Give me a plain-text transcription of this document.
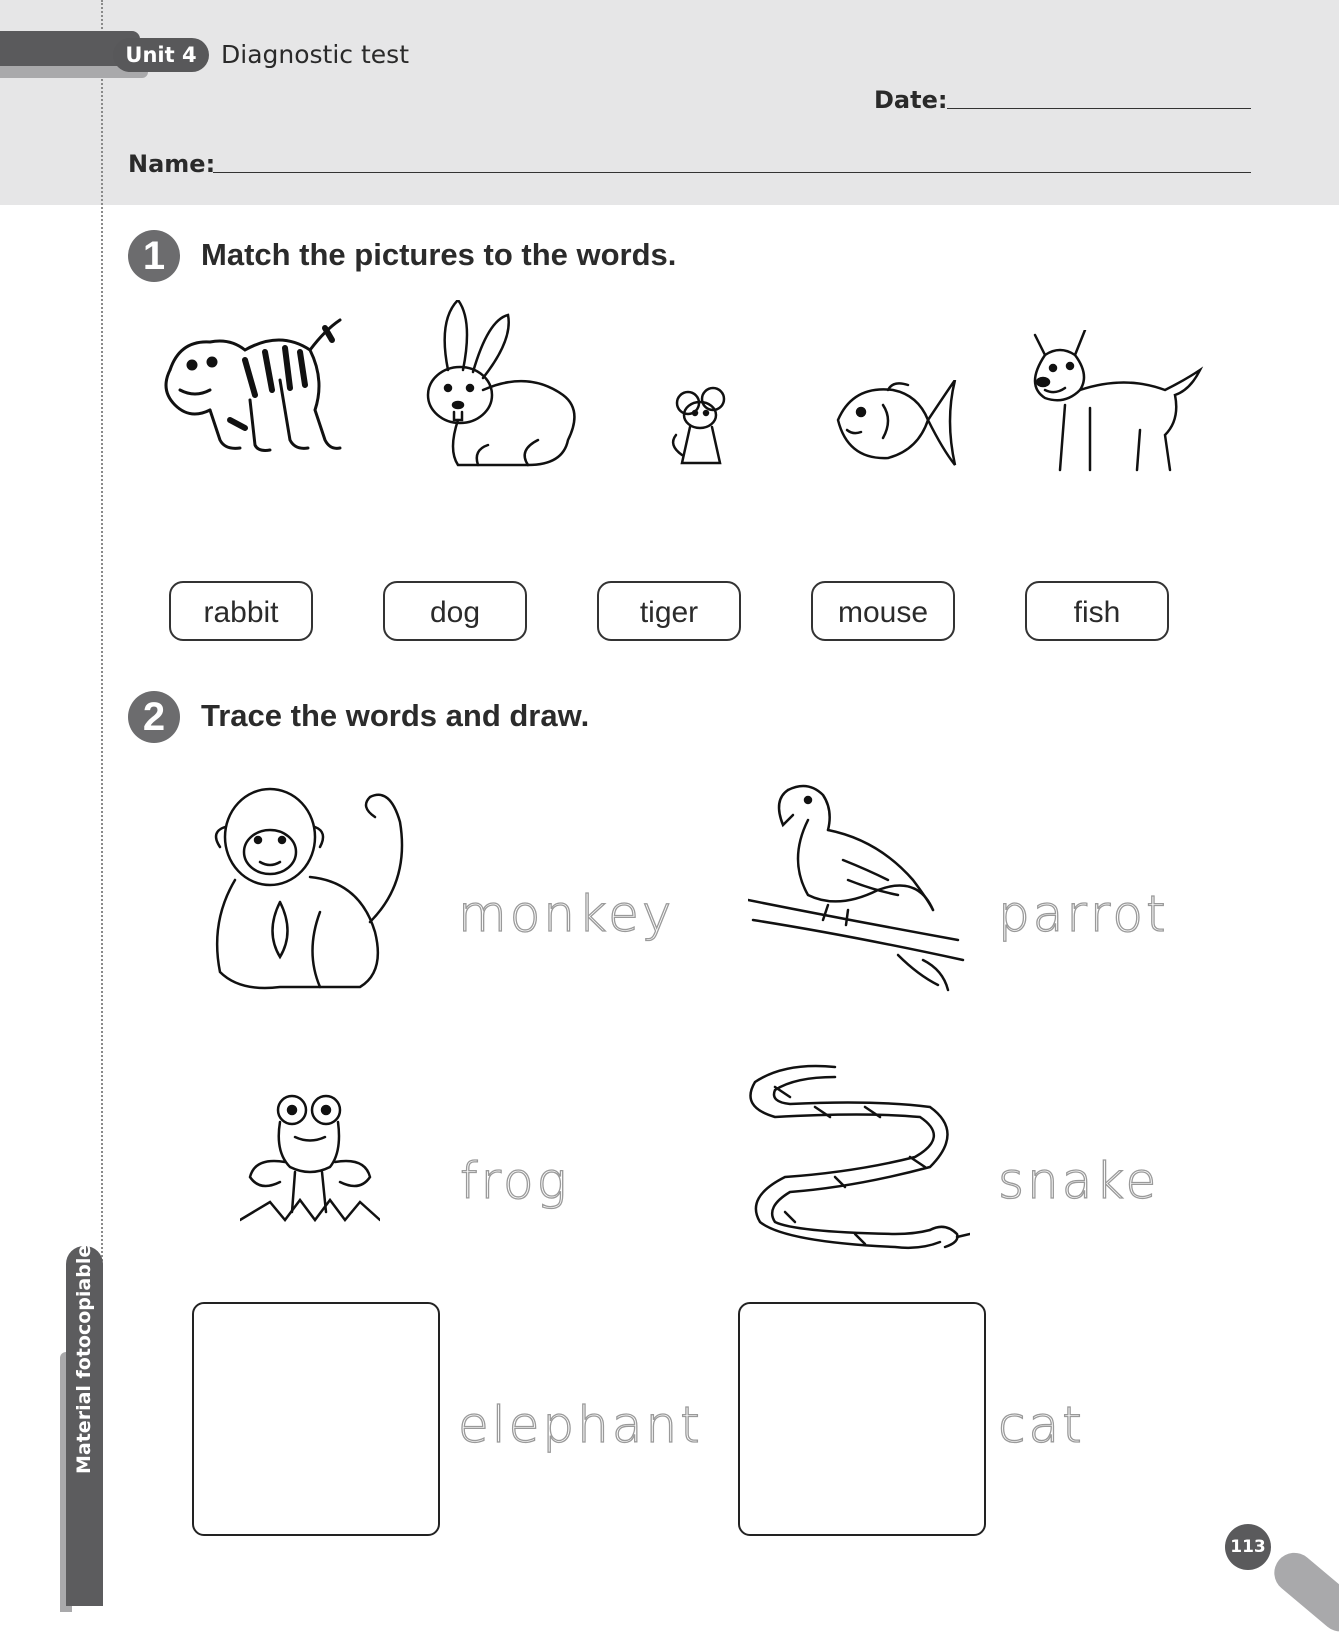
Unit 4 Diagnostic test
Date:
Name:
1	Match the pictures to the words.
rabbit	dog	tiger	mouse	fish
2	Trace the words and draw.
monkey	parrot
frog	snake
elephant	cat
Material fotocopiable
113
